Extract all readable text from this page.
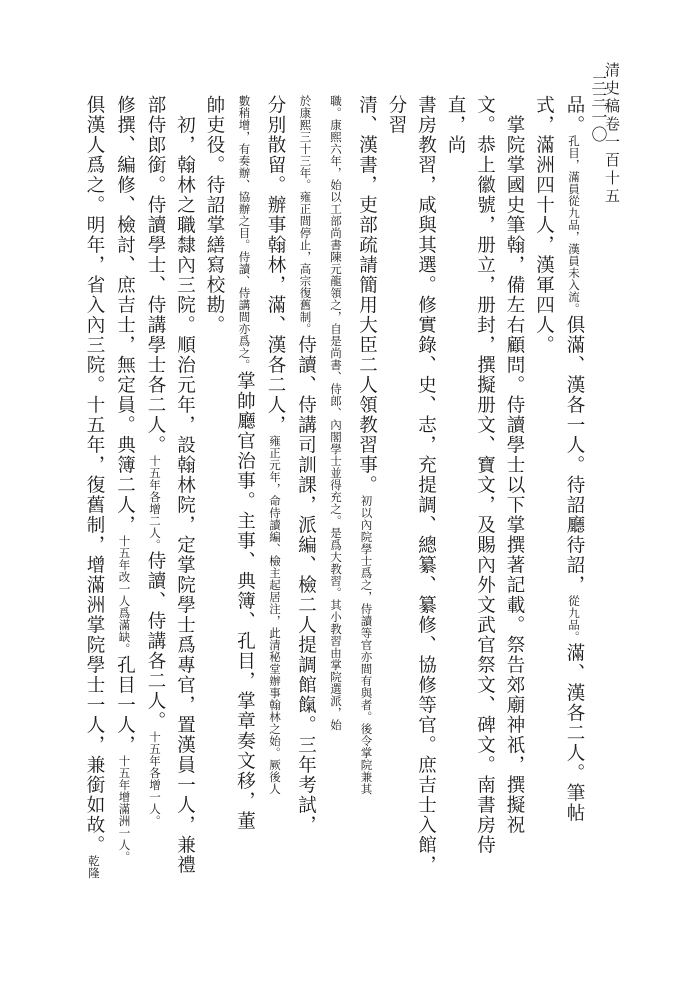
清史稿卷一百十五
三三一〇
品。孔目，滿員從九品，漢員未入流。俱滿、漢各一人。待詔廳待詔，從九品。滿、漢各二人。筆帖
式，滿洲四十人，漢軍四人。
　掌院掌國史筆翰，備左右顧問。侍讀學士以下掌撰著記載。祭告郊廟神祇，撰擬祝
文。恭上徽號，册立，册封，撰擬册文、寶文，及賜內外文武官祭文、碑文。南書房侍直，尚
書房教習，咸與其選。修實錄、史、志，充提調、總纂、纂修、協修等官。庶吉士入館，分習
清、漢書，吏部疏請簡用大臣二人領教習事。初以內院學士爲之，侍讀等官亦間有與者。後令掌院兼其
職。康熙六年，始以工部尚書陳元龍領之，自是尚書、侍郎、內閣學士並得充之。是爲大教習。其小教習由掌院選派，始
於康熙三十三年。雍正間停止，高宗復舊制。侍讀、侍講司訓課，派編、檢二人提調館餼。三年考試，
分別散留。辦事翰林，滿、漢各二人，雍正元年，命侍讀編、檢主起居注，此清秘堂辦事翰林之始。厥後人
數稍增，有奏辦、協辦之目。侍讀、侍講間亦爲之。掌帥廳官治事。主事、典簿、孔目，掌章奏文移，董
帥吏役。待詔掌繕寫校勘。
　初，翰林之職隸內三院。順治元年，設翰林院，定掌院學士爲專官，置漢員一人，兼禮
部侍郎銜。侍讀學士、侍講學士各二人。十五年各增二人。侍讀、侍講各二人。十五年各增一人。
修撰、編修、檢討、庶吉士，無定員。典簿二人，十五年改一人爲滿缺。孔目一人，十五年增滿洲一人。
俱漢人爲之。明年，省入內三院。十五年，復舊制，增滿洲掌院學士一人，兼銜如故。乾隆
